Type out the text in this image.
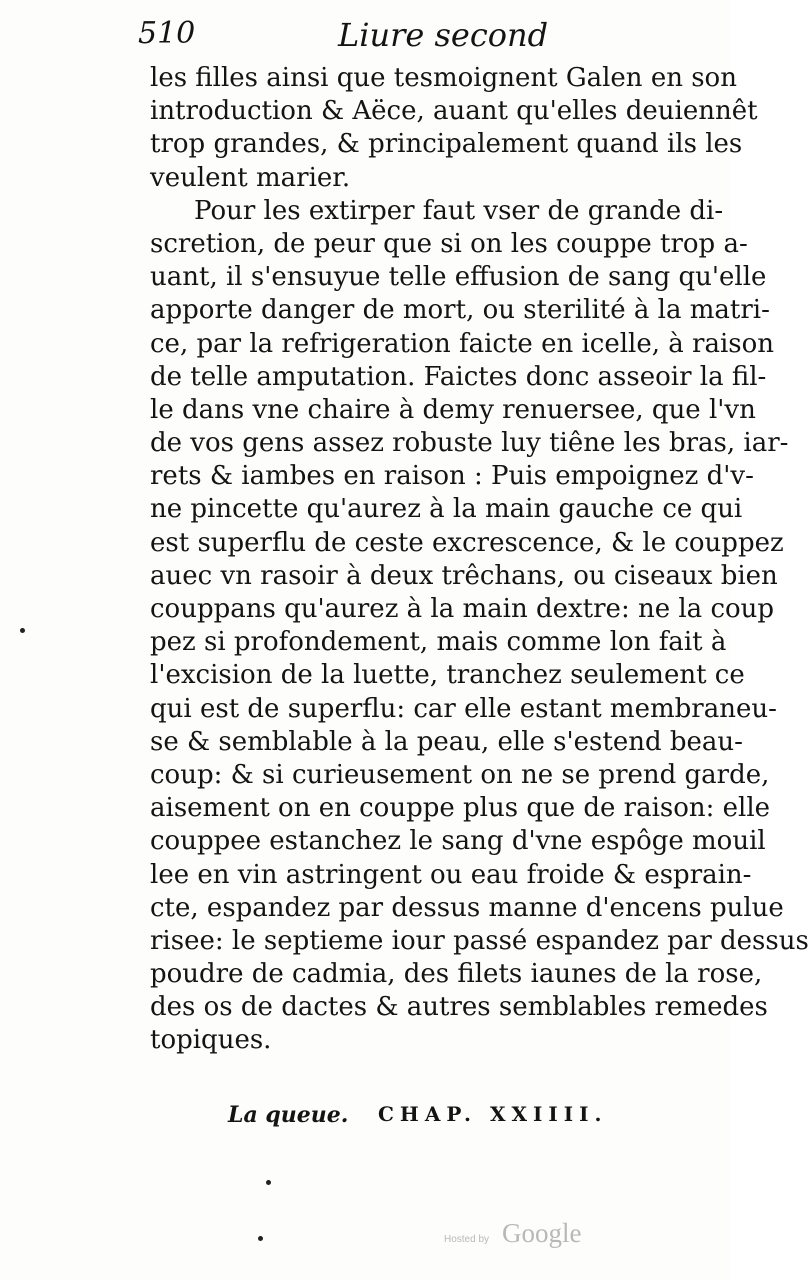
510	Liure second
les filles ainsi que tesmoignent Galen en son
introduction & Aëce, auant qu'elles deuiennêt
trop grandes, & principalement quand ils les
veulent marier.
Pour les extirper faut vser de grande di-
scretion, de peur que si on les couppe trop a-
uant, il s'ensuyue telle effusion de sang qu'elle
apporte danger de mort, ou sterilité à la matri-
ce, par la refrigeration faicte en icelle, à raison
de telle amputation. Faictes donc asseoir la fil-
le dans vne chaire à demy renuersee, que l'vn
de vos gens assez robuste luy tiêne les bras, iar-
rets & iambes en raison : Puis empoignez d'v-
ne pincette qu'aurez à la main gauche ce qui
est superflu de ceste excrescence, & le couppez
auec vn rasoir à deux trêchans, ou ciseaux bien
couppans qu'aurez à la main dextre: ne la coup
pez si profondement, mais comme lon fait à
l'excision de la luette, tranchez seulement ce
qui est de superflu: car elle estant membraneu-
se & semblable à la peau, elle s'estend beau-
coup: & si curieusement on ne se prend garde,
aisement on en couppe plus que de raison: elle
couppee estanchez le sang d'vne espôge mouil
lee en vin astringent ou eau froide & esprain-
cte, espandez par dessus manne d'encens pulue
risee: le septieme iour passé espandez par dessus
poudre de cadmia, des filets iaunes de la rose,
des os de dactes & autres semblables remedes
topiques.
La queue. CHAP. XXIIII.
Hosted by Google
